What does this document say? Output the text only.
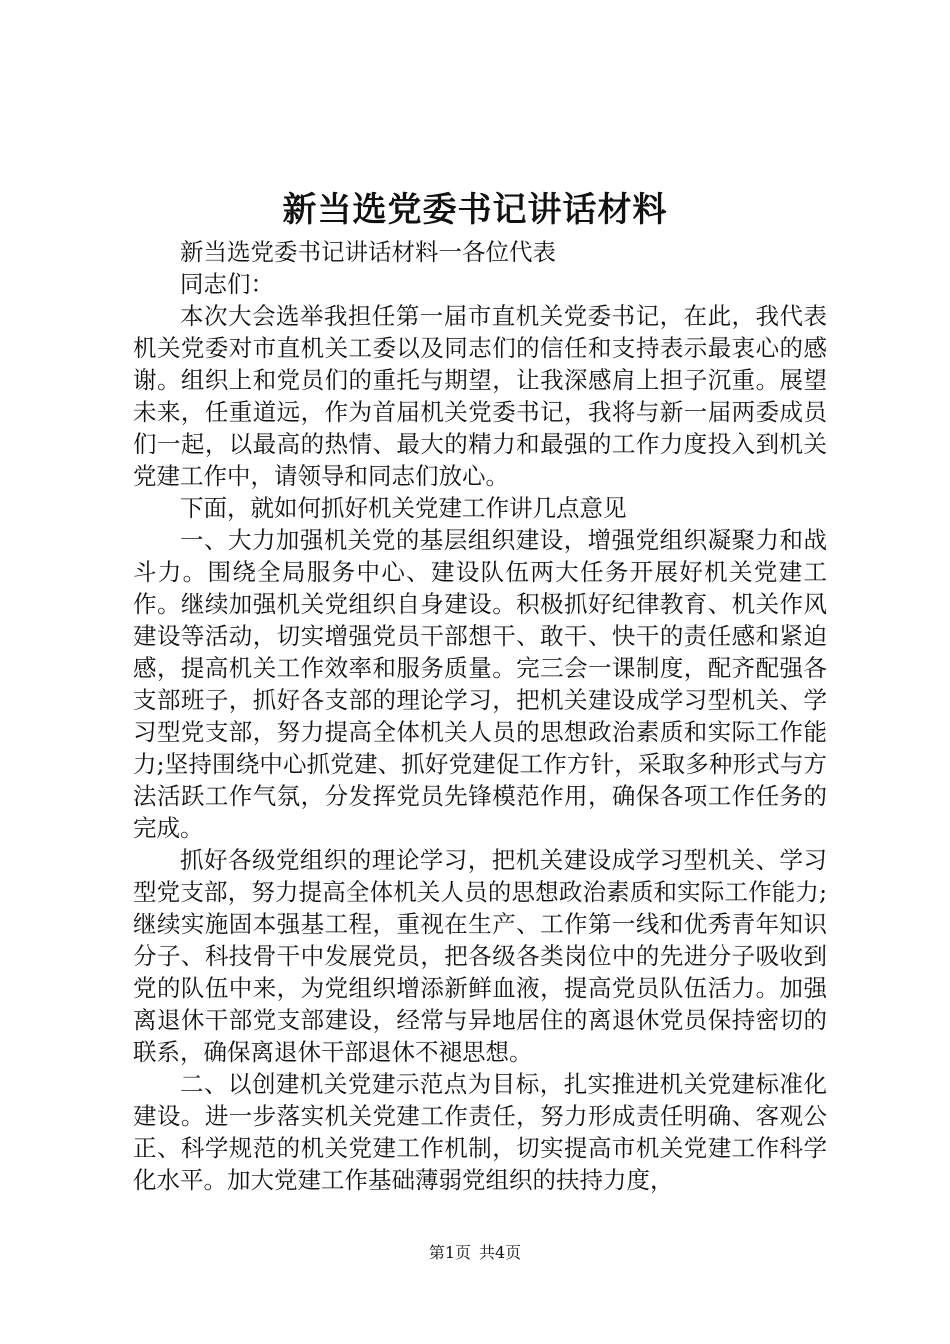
新当选党委书记讲话材料

新当选党委书记讲话材料一各位代表

同志们：

本次大会选举我担任第一届市直机关党委书记，在此，我代表机关党委对市直机关工委以及同志们的信任和支持表示最衷心的感谢。组织上和党员们的重托与期望，让我深感肩上担子沉重。展望未来，任重道远，作为首届机关党委书记，我将与新一届两委成员们一起，以最高的热情、最大的精力和最强的工作力度投入到机关党建工作中，请领导和同志们放心。

下面，就如何抓好机关党建工作讲几点意见

一、大力加强机关党的基层组织建设，增强党组织凝聚力和战斗力。围绕全局服务中心、建设队伍两大任务开展好机关党建工作。继续加强机关党组织自身建设。积极抓好纪律教育、机关作风建设等活动，切实增强党员干部想干、敢干、快干的责任感和紧迫感，提高机关工作效率和服务质量。完三会一课制度，配齐配强各支部班子，抓好各支部的理论学习，把机关建设成学习型机关、学习型党支部，努力提高全体机关人员的思想政治素质和实际工作能力;坚持围绕中心抓党建、抓好党建促工作方针，采取多种形式与方法活跃工作气氛，分发挥党员先锋模范作用，确保各项工作任务的完成。

抓好各级党组织的理论学习，把机关建设成学习型机关、学习型党支部，努力提高全体机关人员的思想政治素质和实际工作能力;继续实施固本强基工程，重视在生产、工作第一线和优秀青年知识分子、科技骨干中发展党员，把各级各类岗位中的先进分子吸收到党的队伍中来，为党组织增添新鲜血液，提高党员队伍活力。加强离退休干部党支部建设，经常与异地居住的离退休党员保持密切的联系，确保离退休干部退休不褪思想。

二、以创建机关党建示范点为目标，扎实推进机关党建标准化建设。进一步落实机关党建工作责任，努力形成责任明确、客观公正、科学规范的机关党建工作机制，切实提高市机关党建工作科学化水平。加大党建工作基础薄弱党组织的扶持力度，

第1页 共4页
